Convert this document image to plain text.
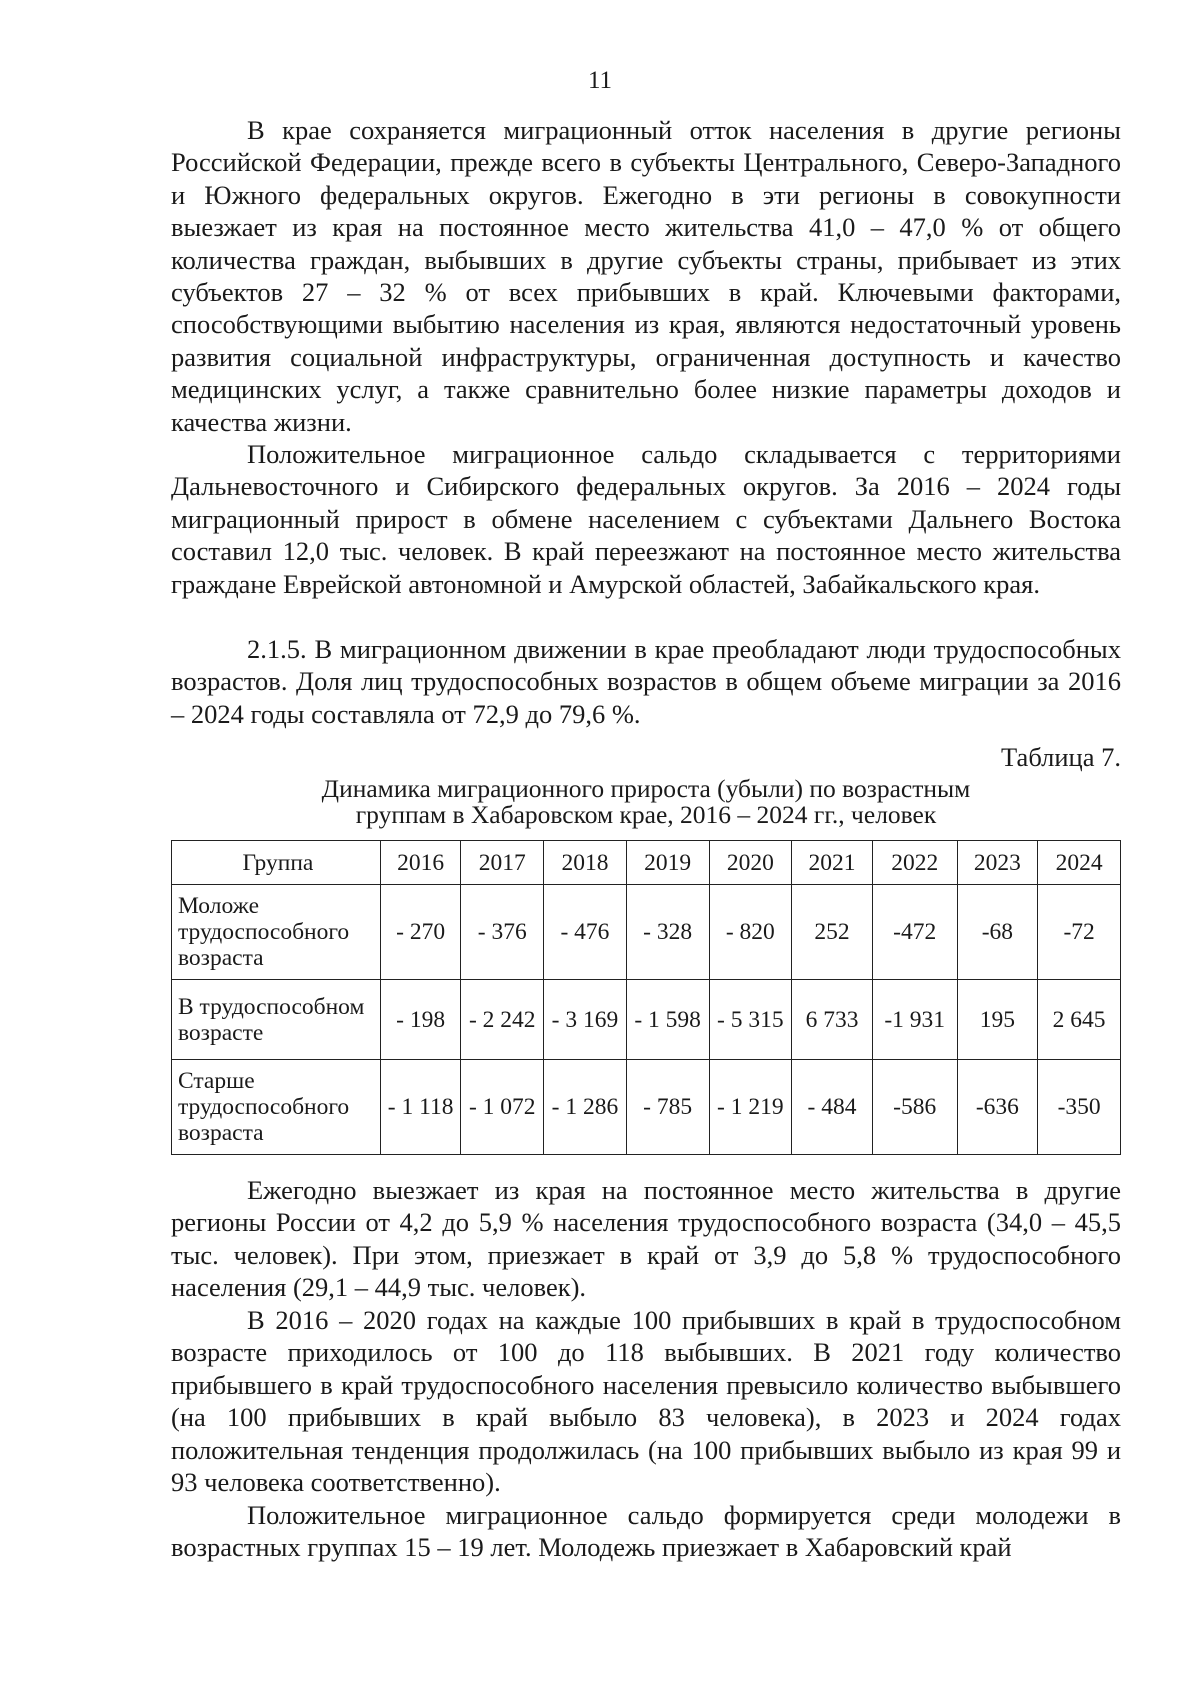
11

В крае сохраняется миграционный отток населения в другие регионы Российской Федерации, прежде всего в субъекты Центрального, Северо-Западного и Южного федеральных округов. Ежегодно в эти регионы в совокупности выезжает из края на постоянное место жительства 41,0 – 47,0 % от общего количества граждан, выбывших в другие субъекты страны, прибывает из этих субъектов 27 – 32 % от всех прибывших в край. Ключевыми факторами, способствующими выбытию населения из края, являются недостаточный уровень развития социальной инфраструктуры, ограниченная доступность и качество медицинских услуг, а также сравнительно более низкие параметры доходов и качества жизни.

Положительное миграционное сальдо складывается с территориями Дальневосточного и Сибирского федеральных округов. За 2016 – 2024 годы миграционный прирост в обмене населением с субъектами Дальнего Востока составил 12,0 тыс. человек. В край переезжают на постоянное место жительства граждане Еврейской автономной и Амурской областей, Забайкальского края.

2.1.5. В миграционном движении в крае преобладают люди трудоспособных возрастов. Доля лиц трудоспособных возрастов в общем объеме миграции за 2016 – 2024 годы составляла от 72,9 до 79,6 %.

Таблица 7.
Динамика миграционного прироста (убыли) по возрастным
группам в Хабаровском крае, 2016 – 2024 гг., человек
Группа	2016	2017	2018	2019	2020	2021	2022	2023	2024
Моложе трудоспособного возраста	- 270	- 376	- 476	- 328	- 820	252	-472	-68	-72
В трудоспособном возрасте	- 198	- 2 242	- 3 169	- 1 598	- 5 315	6 733	-1 931	195	2 645
Старше трудоспособного возраста	- 1 118	- 1 072	- 1 286	- 785	- 1 219	- 484	-586	-636	-350

Ежегодно выезжает из края на постоянное место жительства в другие регионы России от 4,2 до 5,9 % населения трудоспособного возраста (34,0 – 45,5 тыс. человек). При этом, приезжает в край от 3,9 до 5,8 % трудоспособного населения (29,1 – 44,9 тыс. человек).

В 2016 – 2020 годах на каждые 100 прибывших в край в трудоспособном возрасте приходилось от 100 до 118 выбывших. В 2021 году количество прибывшего в край трудоспособного населения превысило количество выбывшего (на 100 прибывших в край выбыло 83 человека), в 2023 и 2024 годах положительная тенденция продолжилась (на 100 прибывших выбыло из края 99 и 93 человека соответственно).

Положительное миграционное сальдо формируется среди молодежи в возрастных группах 15 – 19 лет. Молодежь приезжает в Хабаровский край
